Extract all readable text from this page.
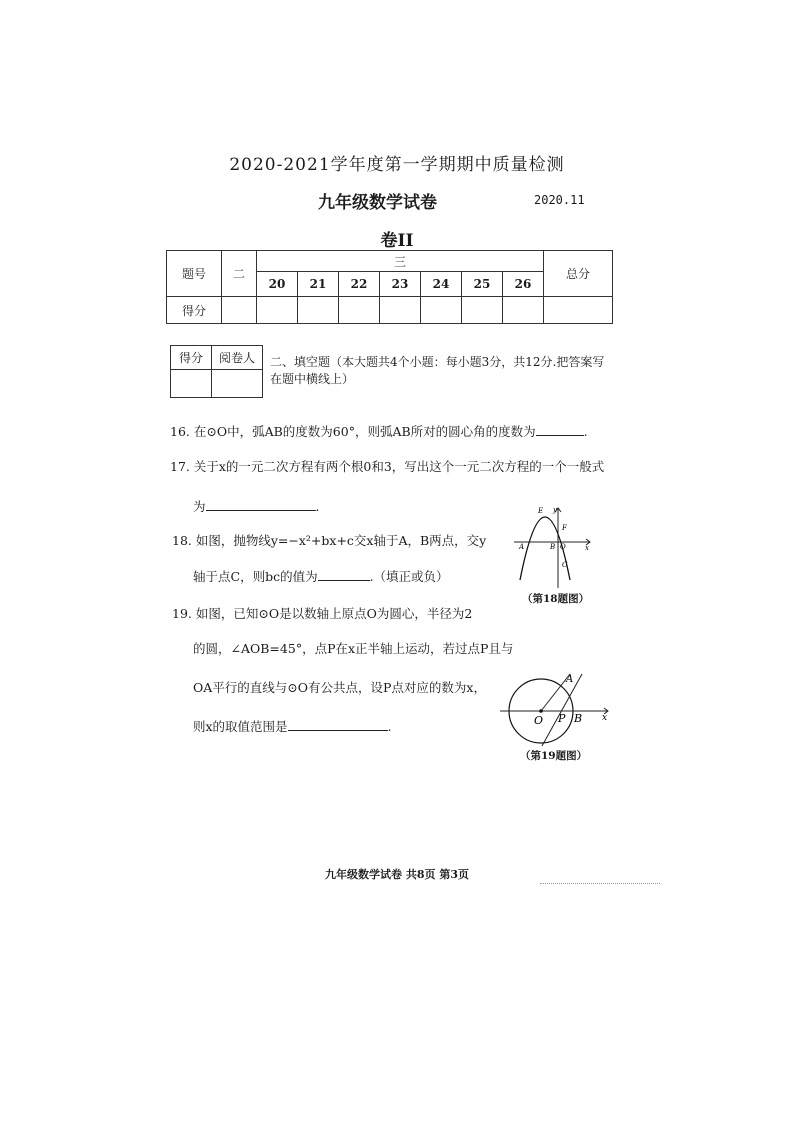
2020-2021学年度第一学期期中质量检测
九年级数学试卷	2020.11
卷II
题号	二	三							总分
		20	21	22	23	24	25	26	
得分									
得分	阅卷人
	二、填空题（本大题共4个小题：每小题3分，共12分.把答案写
在题中横线上）
16. 在⊙O中，弧AB的度数为60°，则弧AB所对的圆心角的度数为	.
17. 关于x的一元二次方程有两个根0和3，写出这个一元二次方程的一个一般式
为	.
18. 如图，抛物线y=−x²+bx+c交x轴于A，B两点，交y
轴于点C，则bc的值为	.（填正或负）
E y
F
A	B O	x
C
（第18题图）
19. 如图，已知⊙O是以数轴上原点O为圆心，半径为2
的圆，∠AOB=45°，点P在x正半轴上运动，若过点P且与
OA平行的直线与⊙O有公共点，设P点对应的数为x，
则x的取值范围是	.
A
O P B x
（第19题图）
九年级数学试卷 共8页 第3页
